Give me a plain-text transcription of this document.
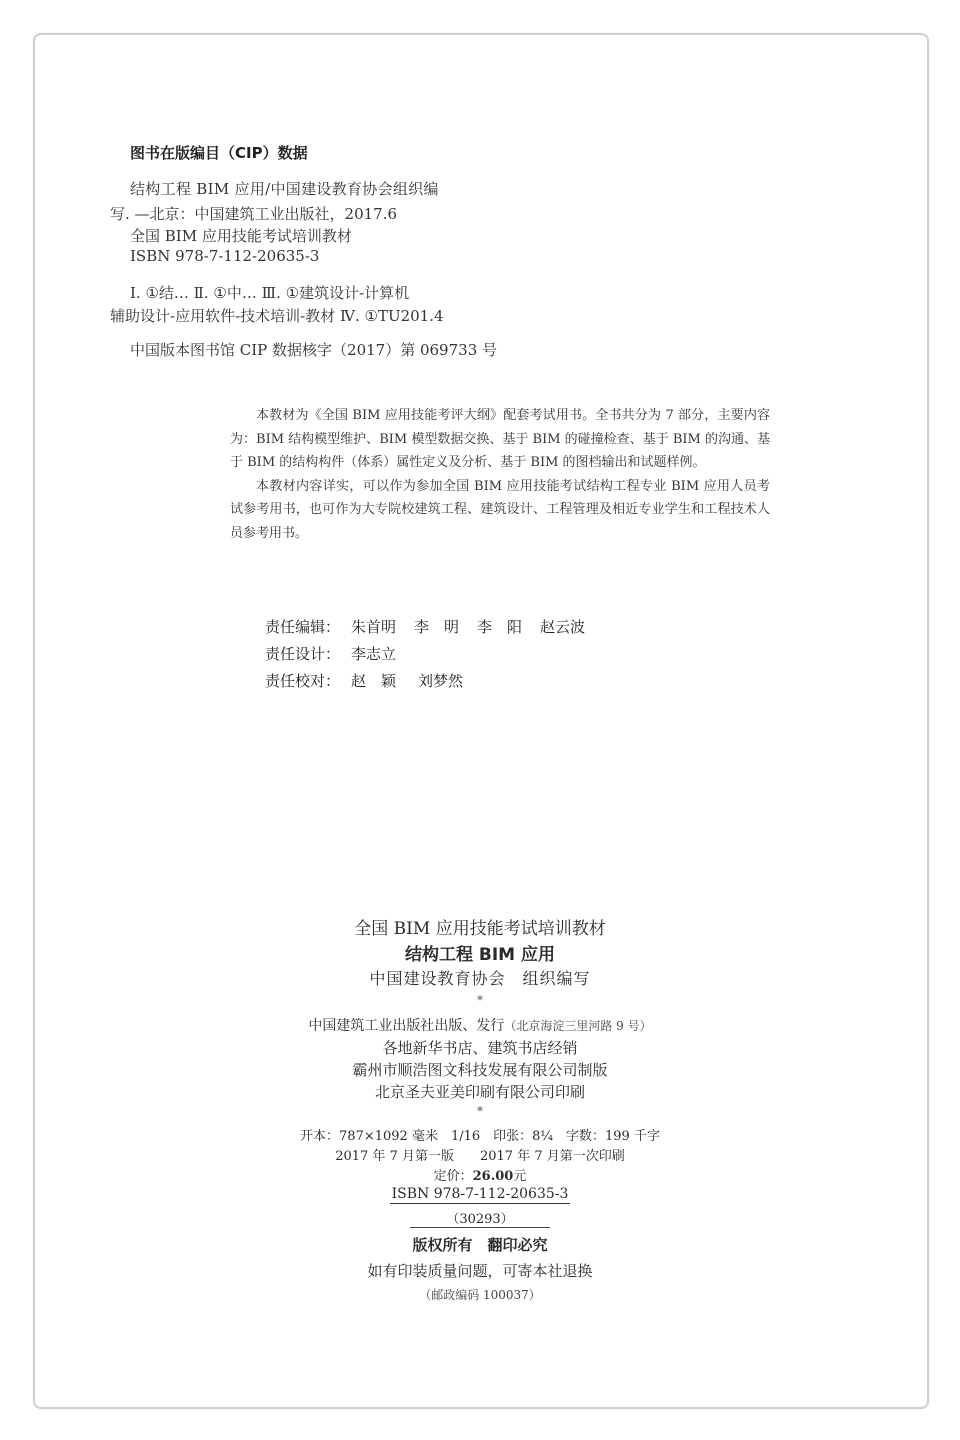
图书在版编目（CIP）数据
结构工程 BIM 应用/中国建设教育协会组织编
写. —北京：中国建筑工业出版社，2017.6
全国 BIM 应用技能考试培训教材
ISBN 978-7-112-20635-3
Ⅰ. ①结… Ⅱ. ①中… Ⅲ. ①建筑设计-计算机
辅助设计-应用软件-技术培训-教材 Ⅳ. ①TU201.4
中国版本图书馆 CIP 数据核字（2017）第 069733 号

本教材为《全国 BIM 应用技能考评大纲》配套考试用书。全书共分为 7 部分，主要内容为：BIM 结构模型维护、BIM 模型数据交换、基于 BIM 的碰撞检查、基于 BIM 的沟通、基于 BIM 的结构构件（体系）属性定义及分析、基于 BIM 的图档输出和试题样例。

本教材内容详实，可以作为参加全国 BIM 应用技能考试结构工程专业 BIM 应用人员考试参考用书，也可作为大专院校建筑工程、建筑设计、工程管理及相近专业学生和工程技术人员参考用书。

责任编辑： 朱首明 李　明 李　阳 赵云波
责任设计： 李志立
责任校对： 赵　颖 刘梦然
全国 BIM 应用技能考试培训教材
结构工程 BIM 应用
中国建设教育协会　组织编写
*
中国建筑工业出版社出版、发行（北京海淀三里河路 9 号）
各地新华书店、建筑书店经销
霸州市顺浩图文科技发展有限公司制版
北京圣夫亚美印刷有限公司印刷
*
开本：787×1092 毫米　1/16　印张：8¼　字数：199 千字
2017 年 7 月第一版　　2017 年 7 月第一次印刷
定价：26.00元
ISBN 978-7-112-20635-3
（30293）
版权所有　翻印必究
如有印装质量问题，可寄本社退换
（邮政编码 100037）
